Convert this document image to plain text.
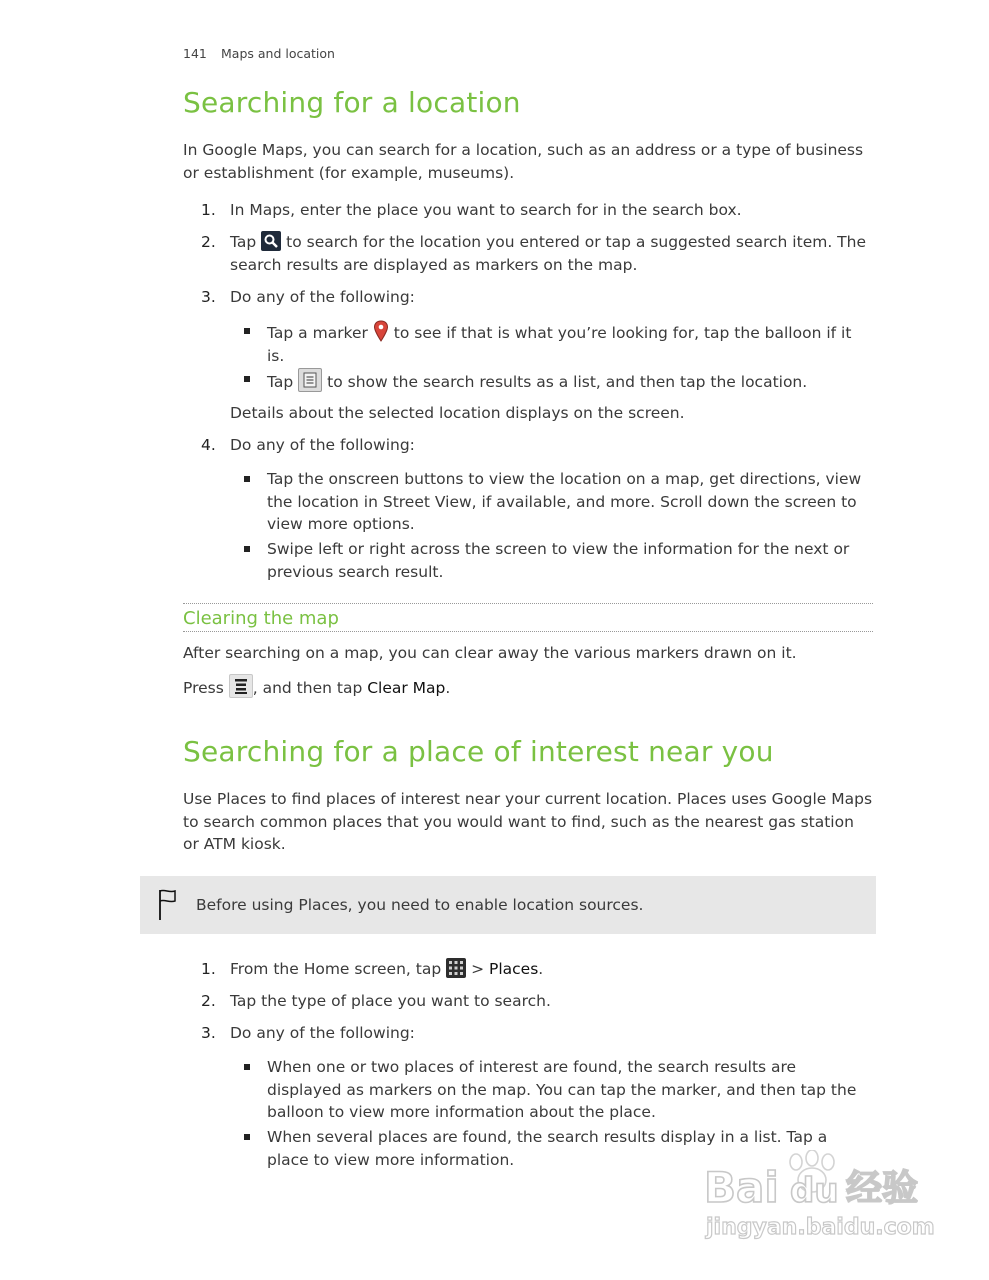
141 Maps and location
Searching for a location

In Google Maps, you can search for a location, such as an address or a type of business or establishment (for example, museums).

1. In Maps, enter the place you want to search for in the search box.
2. Tap to search for the location you entered or tap a suggested search item. The search results are displayed as markers on the map.
3. Do any of the following:
Tap a marker to see if that is what you’re looking for, tap the balloon if it is.
Tap to show the search results as a list, and then tap the location.

Details about the selected location displays on the screen.

4. Do any of the following:
Tap the onscreen buttons to view the location on a map, get directions, view the location in Street View, if available, and more. Scroll down the screen to view more options.
Swipe left or right across the screen to view the information for the next or previous search result.
Clearing the map

After searching on a map, you can clear away the various markers drawn on it.

Press , and then tap Clear Map.

Searching for a place of interest near you

Use Places to find places of interest near your current location. Places uses Google Maps to search common places that you would want to find, such as the nearest gas station or ATM kiosk.

Before using Places, you need to enable location sources.
1. From the Home screen, tap > Places.
2. Tap the type of place you want to search.
3. Do any of the following:
When one or two places of interest are found, the search results are displayed as markers on the map. You can tap the marker, and then tap the balloon to view more information about the place.
When several places are found, the search results display in a list. Tap a place to view more information.
Bai du 经验
jingyan.baidu.com
